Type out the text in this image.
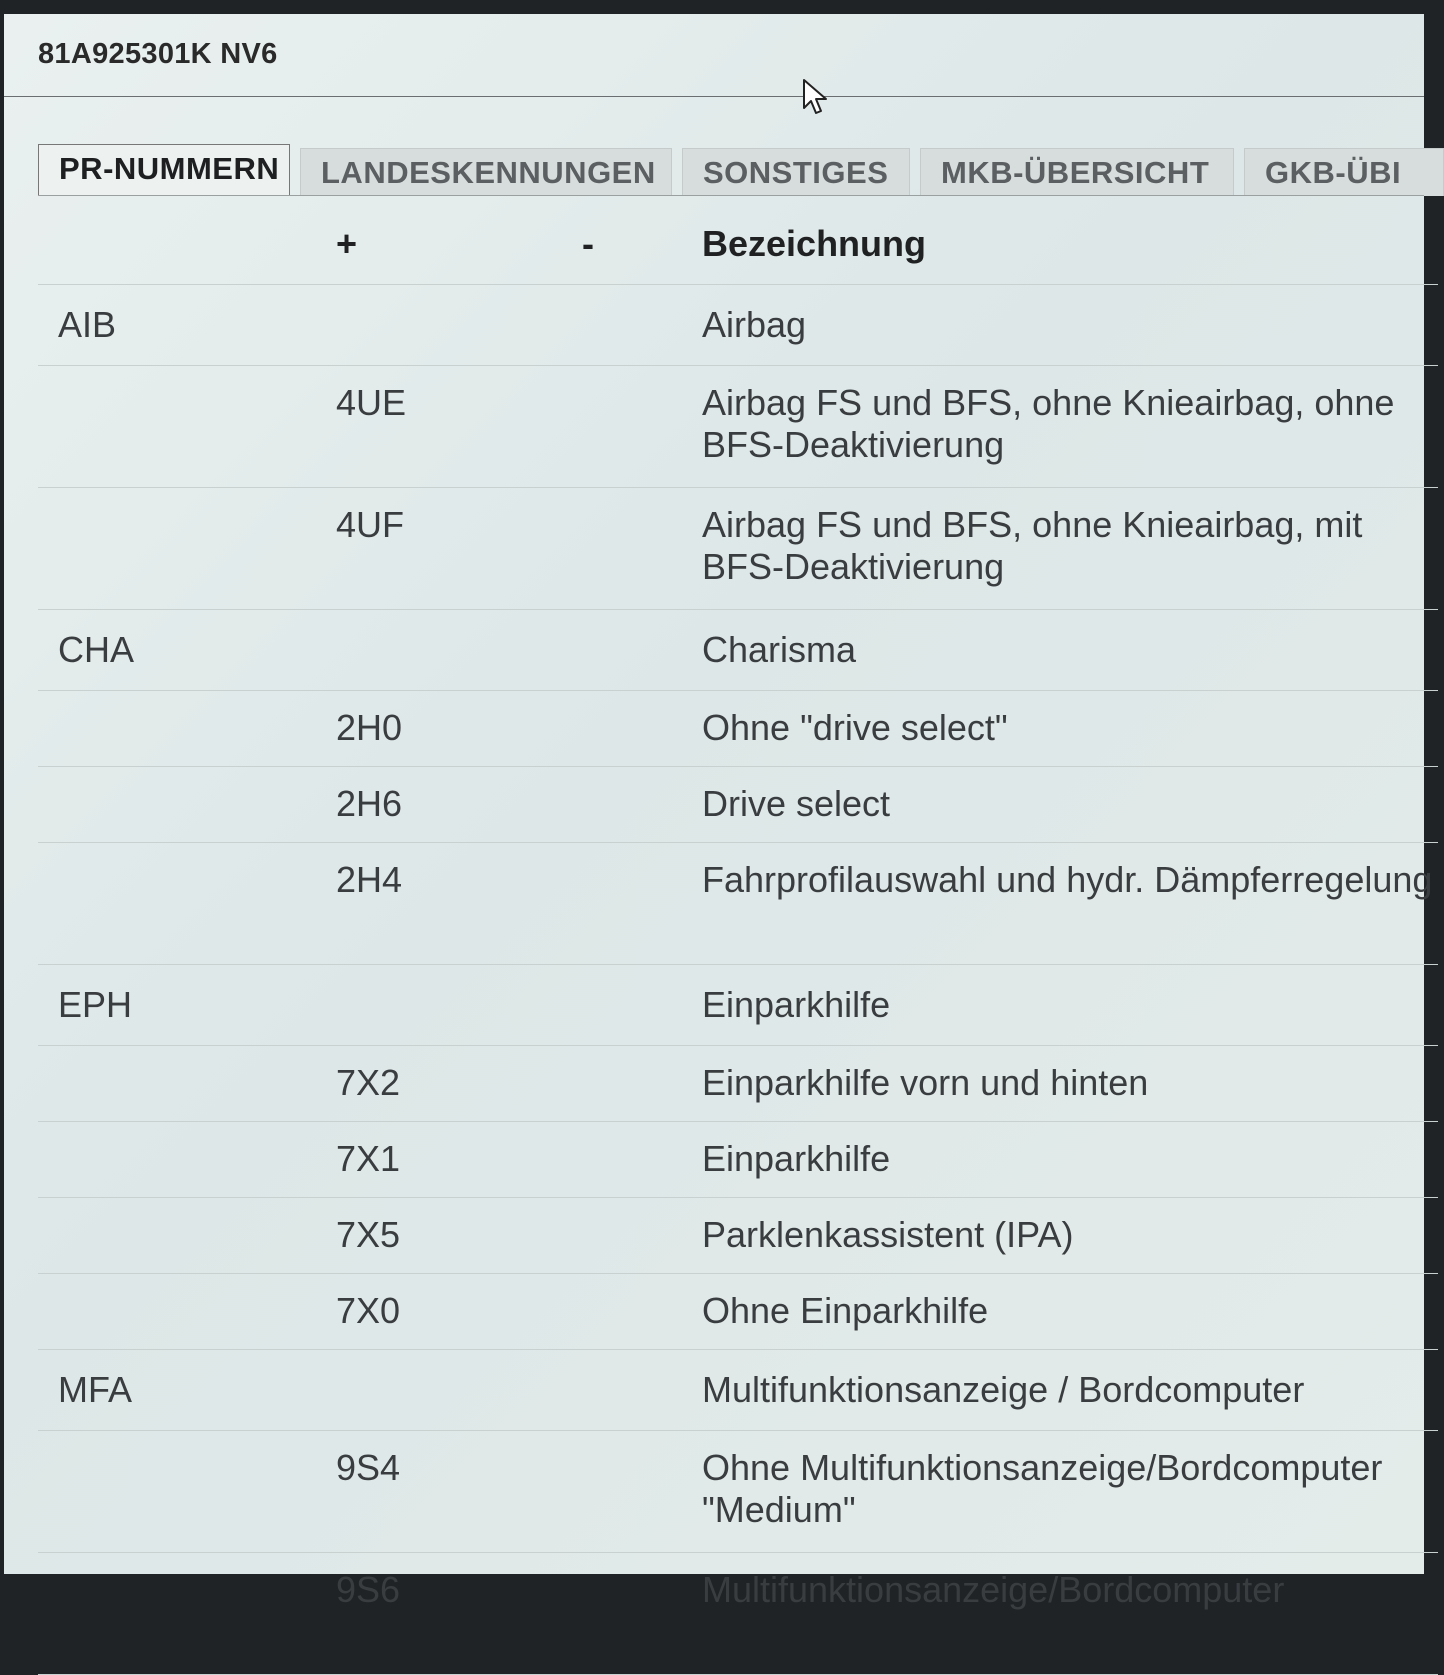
81A925301K NV6
PR-NUMMERN	LANDESKENNUNGEN	SONSTIGES	MKB-ÜBERSICHT	GKB-ÜBI
	+	-	Bezeichnung
AIB			Airbag
	4UE		Airbag FS und BFS, ohne Knieairbag, ohne BFS-Deaktivierung
	4UF		Airbag FS und BFS, ohne Knieairbag, mit BFS-Deaktivierung
CHA			Charisma
	2H0		Ohne "drive select"
	2H6		Drive select
	2H4		Fahrprofilauswahl und hydr. Dämpferregelung
EPH			Einparkhilfe
	7X2		Einparkhilfe vorn und hinten
	7X1		Einparkhilfe
	7X5		Parklenkassistent (IPA)
	7X0		Ohne Einparkhilfe
MFA			Multifunktionsanzeige / Bordcomputer
	9S4		Ohne Multifunktionsanzeige/Bordcomputer "Medium"
	9S6		Multifunktionsanzeige/Bordcomputer
